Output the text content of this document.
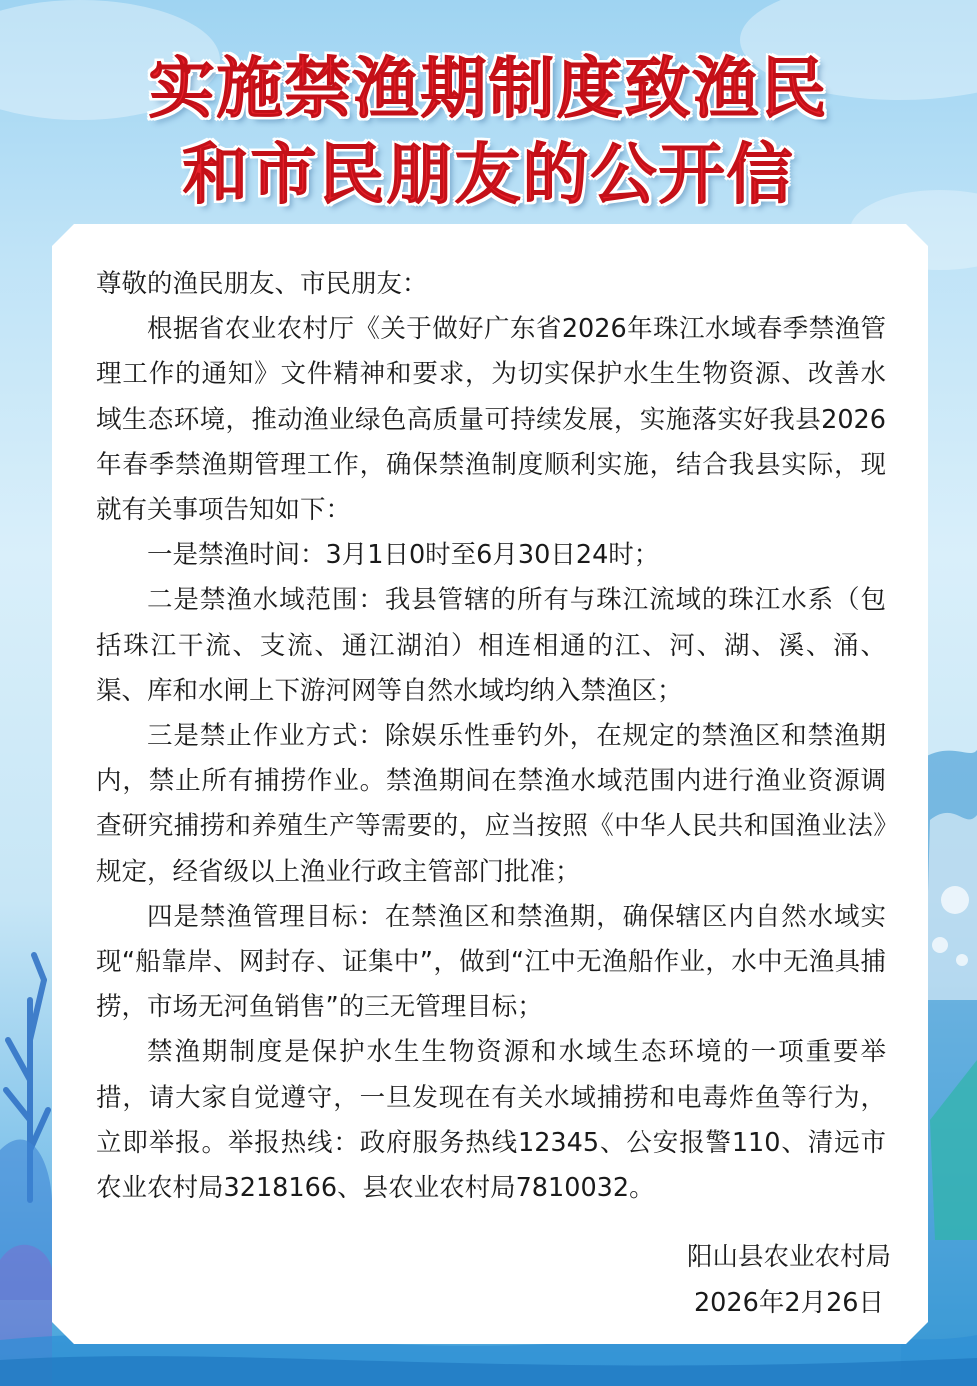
实施禁渔期制度致渔民
和市民朋友的公开信

尊敬的渔民朋友、市民朋友：

根据省农业农村厅《关于做好广东省2026年珠江水域春季禁渔管理工作的通知》文件精神和要求，为切实保护水生生物资源、改善水域生态环境，推动渔业绿色高质量可持续发展，实施落实好我县2026年春季禁渔期管理工作，确保禁渔制度顺利实施，结合我县实际，现就有关事项告知如下：

一是禁渔时间：3月1日0时至6月30日24时；

二是禁渔水域范围：我县管辖的所有与珠江流域的珠江水系（包括珠江干流、支流、通江湖泊）相连相通的江、河、湖、溪、涌、渠、库和水闸上下游河网等自然水域均纳入禁渔区；

三是禁止作业方式：除娱乐性垂钓外，在规定的禁渔区和禁渔期内，禁止所有捕捞作业。禁渔期间在禁渔水域范围内进行渔业资源调查研究捕捞和养殖生产等需要的，应当按照《中华人民共和国渔业法》规定，经省级以上渔业行政主管部门批准；

四是禁渔管理目标：在禁渔区和禁渔期，确保辖区内自然水域实现“船靠岸、网封存、证集中”，做到“江中无渔船作业，水中无渔具捕捞，市场无河鱼销售”的三无管理目标；

禁渔期制度是保护水生生物资源和水域生态环境的一项重要举措，请大家自觉遵守，一旦发现在有关水域捕捞和电毒炸鱼等行为，立即举报。举报热线：政府服务热线12345、公安报警110、清远市农业农村局3218166、县农业农村局7810032。

阳山县农业农村局
2026年2月26日
